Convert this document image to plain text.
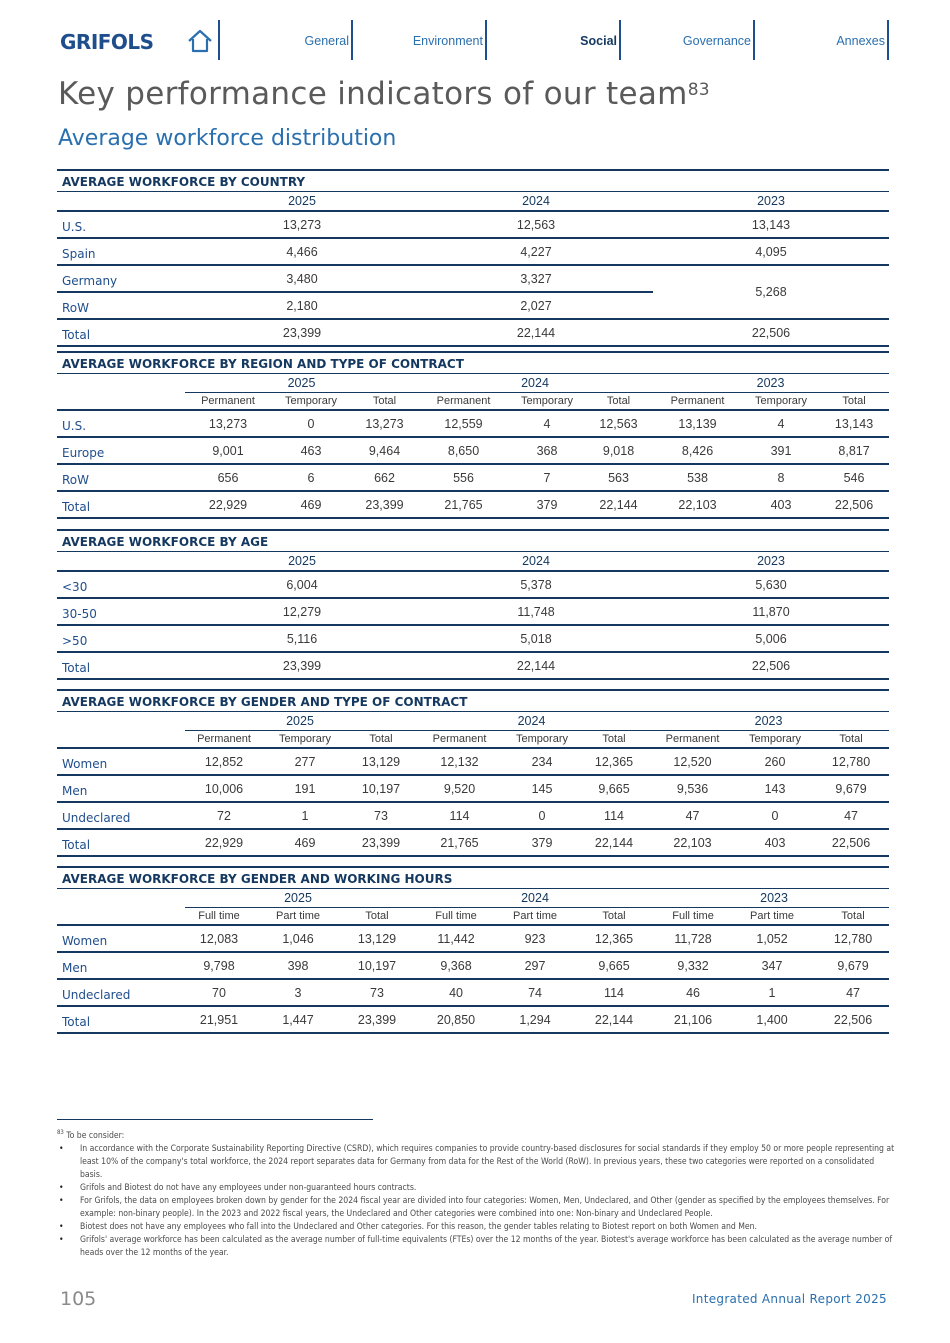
GRIFOLS	General	Environment	Social	Governance	Annexes
Key performance indicators of our team$^{83}$
Average workforce distribution
AVERAGE WORKFORCE BY COUNTRY
	2025	2024	2023
U.S.	13,273	12,563	13,143
Spain	4,466	4,227	4,095
Germany	3,480	3,327	5,268
RoW	2,180	2,027	
Total	23,399	22,144	22,506
AVERAGE WORKFORCE BY REGION AND TYPE OF CONTRACT
	2025			2024			2023		
	Permanent	Temporary	Total	Permanent	Temporary	Total	Permanent	Temporary	Total
U.S.	13,273	0	13,273	12,559	4	12,563	13,139	4	13,143
Europe	9,001	463	9,464	8,650	368	9,018	8,426	391	8,817
RoW	656	6	662	556	7	563	538	8	546
Total	22,929	469	23,399	21,765	379	22,144	22,103	403	22,506
AVERAGE WORKFORCE BY AGE
	2025	2024	2023
<30	6,004	5,378	5,630
30-50	12,279	11,748	11,870
>50	5,116	5,018	5,006
Total	23,399	22,144	22,506
AVERAGE WORKFORCE BY GENDER AND TYPE OF CONTRACT
	2025			2024			2023		
	Permanent	Temporary	Total	Permanent	Temporary	Total	Permanent	Temporary	Total
Women	12,852	277	13,129	12,132	234	12,365	12,520	260	12,780
Men	10,006	191	10,197	9,520	145	9,665	9,536	143	9,679
Undeclared	72	1	73	114	0	114	47	0	47
Total	22,929	469	23,399	21,765	379	22,144	22,103	403	22,506
AVERAGE WORKFORCE BY GENDER AND WORKING HOURS
	2025			2024			2023		
	Full time	Part time	Total	Full time	Part time	Total	Full time	Part time	Total
Women	12,083	1,046	13,129	11,442	923	12,365	11,728	1,052	12,780
Men	9,798	398	10,197	9,368	297	9,665	9,332	347	9,679
Undeclared	70	3	73	40	74	114	46	1	47
Total	21,951	1,447	23,399	20,850	1,294	22,144	21,106	1,400	22,506

$^{83}$ To be consider:

• In accordance with the Corporate Sustainability Reporting Directive (CSRD), which requires companies to provide country-based disclosures for social standards if they employ 50 or more people representing at least 10% of the company's total workforce, the 2024 report separates data for Germany from data for the Rest of the World (RoW). In previous years, these two categories were reported on a consolidated basis.
• Grifols and Biotest do not have any employees under non-guaranteed hours contracts.
• For Grifols, the data on employees broken down by gender for the 2024 fiscal year are divided into four categories: Women, Men, Undeclared, and Other (gender as specified by the employees themselves. For example: non-binary people). In the 2023 and 2022 fiscal years, the Undeclared and Other categories were combined into one: Non-binary and Undeclared People.
• Biotest does not have any employees who fall into the Undeclared and Other categories. For this reason, the gender tables relating to Biotest report on both Women and Men.
• Grifols' average workforce has been calculated as the average number of full-time equivalents (FTEs) over the 12 months of the year. Biotest's average workforce has been calculated as the average number of heads over the 12 months of the year.
105	Integrated Annual Report 2025
